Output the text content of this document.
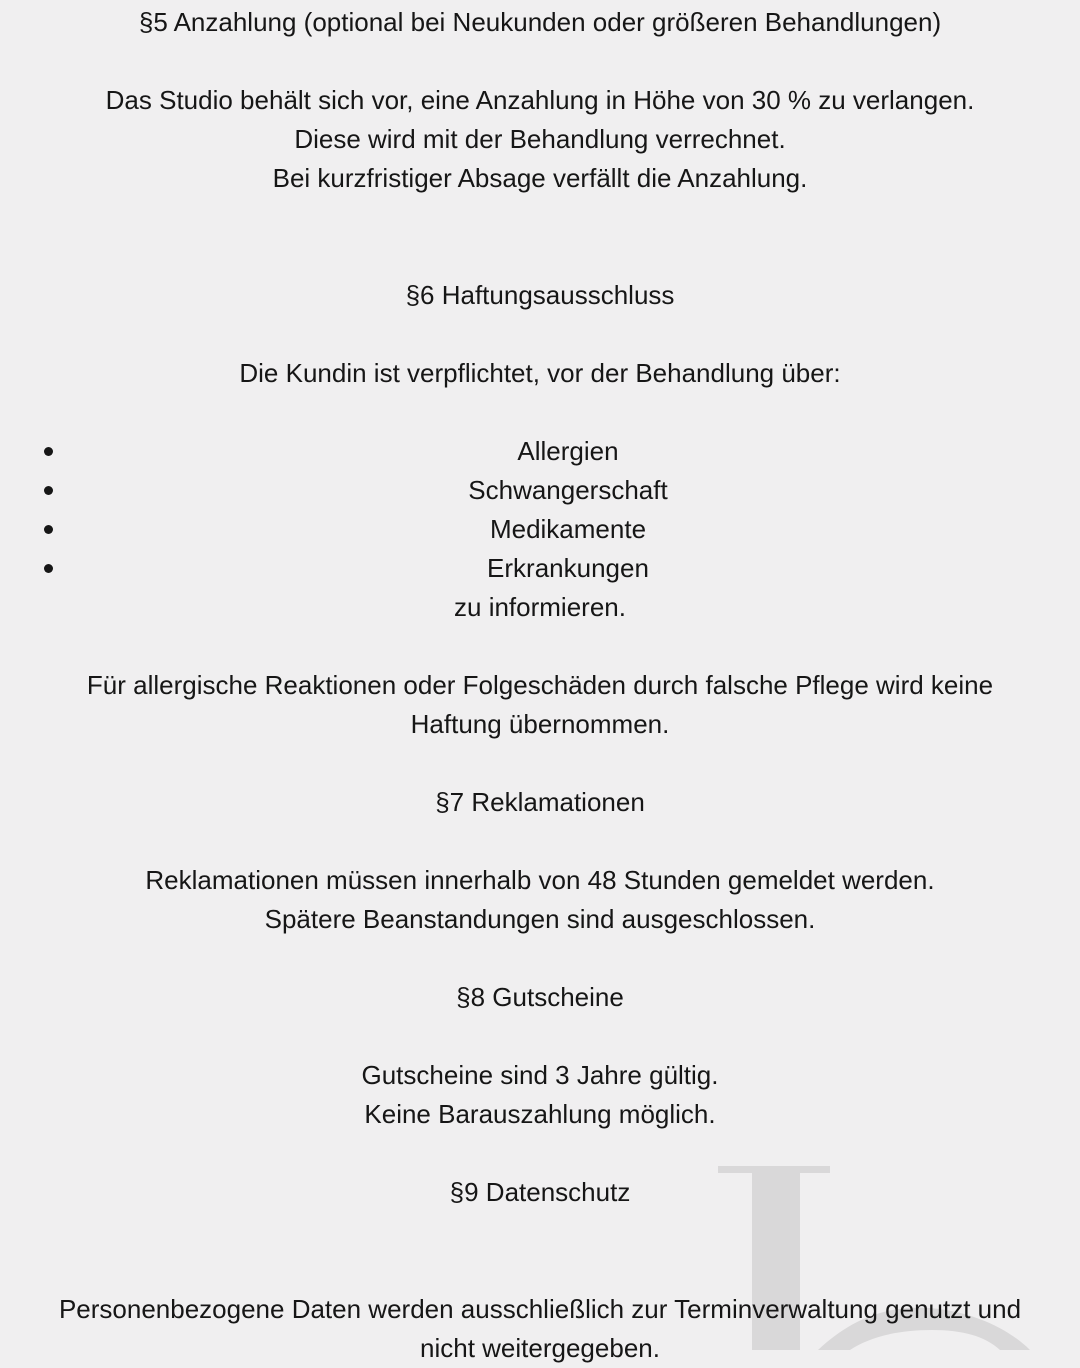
§5 Anzahlung (optional bei Neukunden oder größeren Behandlungen)
Das Studio behält sich vor, eine Anzahlung in Höhe von 30 % zu verlangen.
Diese wird mit der Behandlung verrechnet.
Bei kurzfristiger Absage verfällt die Anzahlung.
§6 Haftungsausschluss
Die Kundin ist verpflichtet, vor der Behandlung über:
Allergien
Schwangerschaft
Medikamente
Erkrankungen
zu informieren.
Für allergische Reaktionen oder Folgeschäden durch falsche Pflege wird keine
Haftung übernommen.
§7 Reklamationen
Reklamationen müssen innerhalb von 48 Stunden gemeldet werden.
Spätere Beanstandungen sind ausgeschlossen.
§8 Gutscheine
Gutscheine sind 3 Jahre gültig.
Keine Barauszahlung möglich.
§9 Datenschutz
Personenbezogene Daten werden ausschließlich zur Terminverwaltung genutzt und
nicht weitergegeben.
